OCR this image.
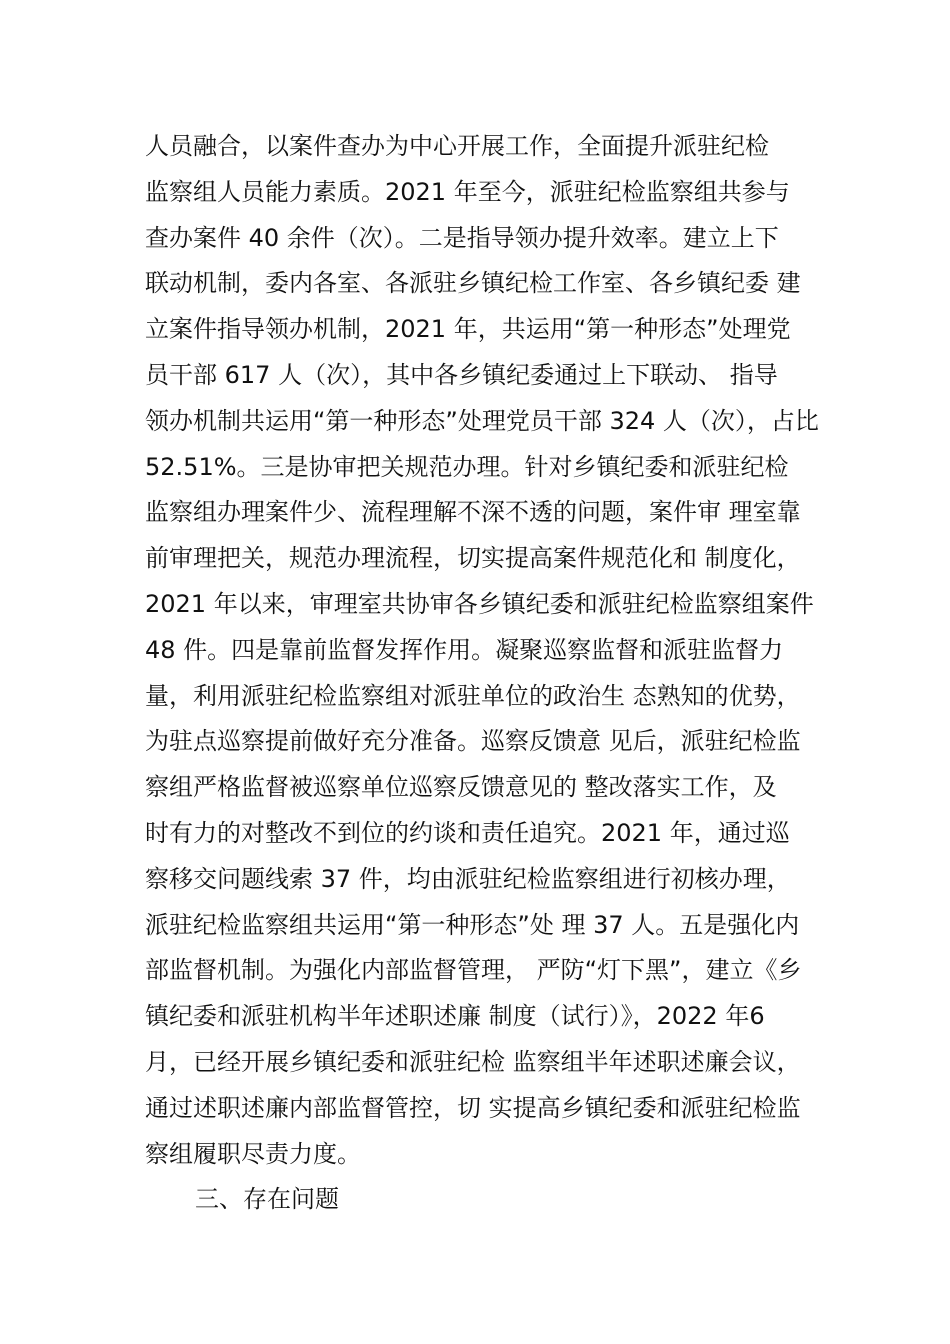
人员融合，以案件查办为中心开展工作，全面提升派驻纪检
监察组人员能力素质。2021 年至今，派驻纪检监察组共参与
查办案件 40 余件（次）。二是指导领办提升效率。建立上下
联动机制，委内各室、各派驻乡镇纪检工作室、各乡镇纪委 建
立案件指导领办机制，2021 年，共运用“第一种形态”处理党
员干部 617 人（次），其中各乡镇纪委通过上下联动、 指导
领办机制共运用“第一种形态”处理党员干部 324 人（次），占比
52.51%。三是协审把关规范办理。针对乡镇纪委和派驻纪检
监察组办理案件少、流程理解不深不透的问题，案件审 理室靠
前审理把关，规范办理流程，切实提高案件规范化和 制度化，
2021 年以来，审理室共协审各乡镇纪委和派驻纪检监察组案件
48 件。四是靠前监督发挥作用。凝聚巡察监督和派驻监督力
量，利用派驻纪检监察组对派驻单位的政治生 态熟知的优势，
为驻点巡察提前做好充分准备。巡察反馈意 见后，派驻纪检监
察组严格监督被巡察单位巡察反馈意见的 整改落实工作，及
时有力的对整改不到位的约谈和责任追究。2021 年，通过巡
察移交问题线索 37 件，均由派驻纪检监察组进行初核办理，
派驻纪检监察组共运用“第一种形态”处 理 37 人。五是强化内
部监督机制。为强化内部监督管理， 严防“灯下黑”，建立《乡
镇纪委和派驻机构半年述职述廉 制度（试行）》，2022 年6
月，已经开展乡镇纪委和派驻纪检 监察组半年述职述廉会议，
通过述职述廉内部监督管控，切 实提高乡镇纪委和派驻纪检监
察组履职尽责力度。
三、存在问题
